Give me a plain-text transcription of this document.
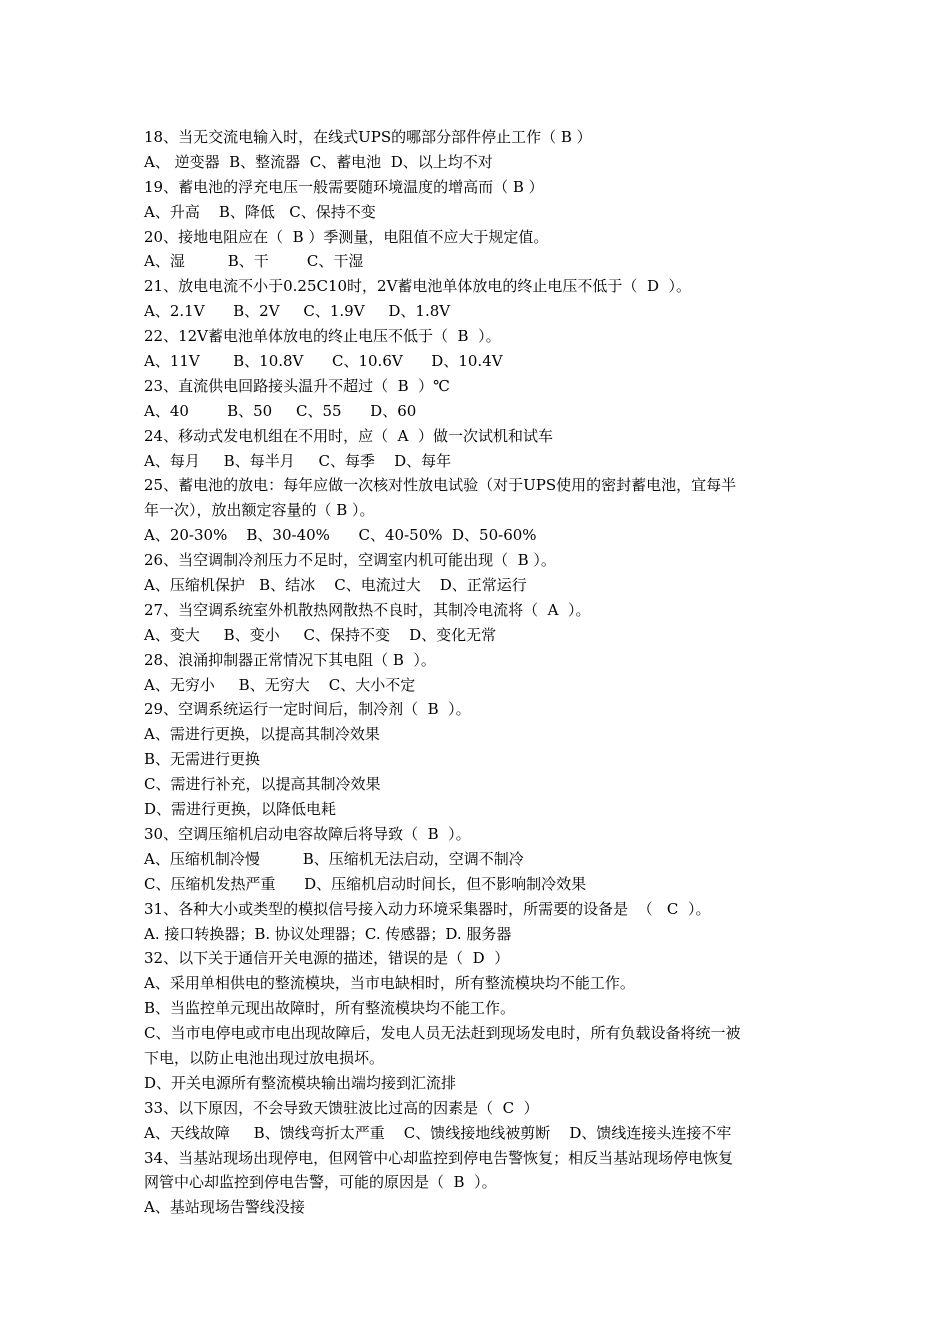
18、当无交流电输入时，在线式UPS的哪部分部件停止工作（ B ）
A、 逆变器  B、整流器  C、蓄电池  D、以上均不对
19、蓄电池的浮充电压一般需要随环境温度的增高而（ B ）
A、升高    B、降低   C、保持不变
20、接地电阻应在（  B ）季测量，电阻值不应大于规定值。
A、湿         B、干        C、干湿
21、放电电流不小于0.25C10时，2V蓄电池单体放电的终止电压不低于（  D  ）。
A、2.1V      B、2V     C、1.9V     D、1.8V
22、12V蓄电池单体放电的终止电压不低于（  B  ）。
A、11V       B、10.8V      C、10.6V      D、10.4V
23、直流供电回路接头温升不超过（  B  ）℃
A、40        B、50     C、55      D、60
24、移动式发电机组在不用时，应（  A  ）做一次试机和试车
A、每月     B、每半月     C、每季    D、每年
25、蓄电池的放电：每年应做一次核对性放电试验（对于UPS使用的密封蓄电池，宜每半
年一次），放出额定容量的（ B ）。
A、20-30%    B、30-40%      C、40-50%  D、50-60%
26、当空调制冷剂压力不足时，空调室内机可能出现（  B ）。
A、压缩机保护   B、结冰    C、电流过大    D、正常运行
27、当空调系统室外机散热网散热不良时，其制冷电流将（  A  ）。
A、变大     B、变小     C、保持不变    D、变化无常
28、浪涌抑制器正常情况下其电阻（ B  ）。
A、无穷小     B、无穷大    C、大小不定
29、空调系统运行一定时间后，制冷剂（  B  ）。
A、需进行更换，以提高其制冷效果
B、无需进行更换
C、需进行补充，以提高其制冷效果
D、需进行更换，以降低电耗
30、空调压缩机启动电容故障后将导致（  B  ）。
A、压缩机制冷慢         B、压缩机无法启动，空调不制冷
C、压缩机发热严重      D、压缩机启动时间长，但不影响制冷效果
31、各种大小或类型的模拟信号接入动力环境采集器时，所需要的设备是  （   C  ）。
A. 接口转换器；B. 协议处理器；C. 传感器；D. 服务器
32、以下关于通信开关电源的描述，错误的是（  D  ）
A、采用单相供电的整流模块，当市电缺相时，所有整流模块均不能工作。
B、当监控单元现出故障时，所有整流模块均不能工作。
C、当市电停电或市电出现故障后，发电人员无法赶到现场发电时，所有负载设备将统一被
下电，以防止电池出现过放电损坏。
D、开关电源所有整流模块输出端均接到汇流排
33、以下原因，不会导致天馈驻波比过高的因素是（  C  ）
A、天线故障     B、馈线弯折太严重    C、馈线接地线被剪断    D、馈线连接头连接不牢
34、当基站现场出现停电，但网管中心却监控到停电告警恢复；相反当基站现场停电恢复
网管中心却监控到停电告警，可能的原因是（  B  ）。
A、基站现场告警线没接
